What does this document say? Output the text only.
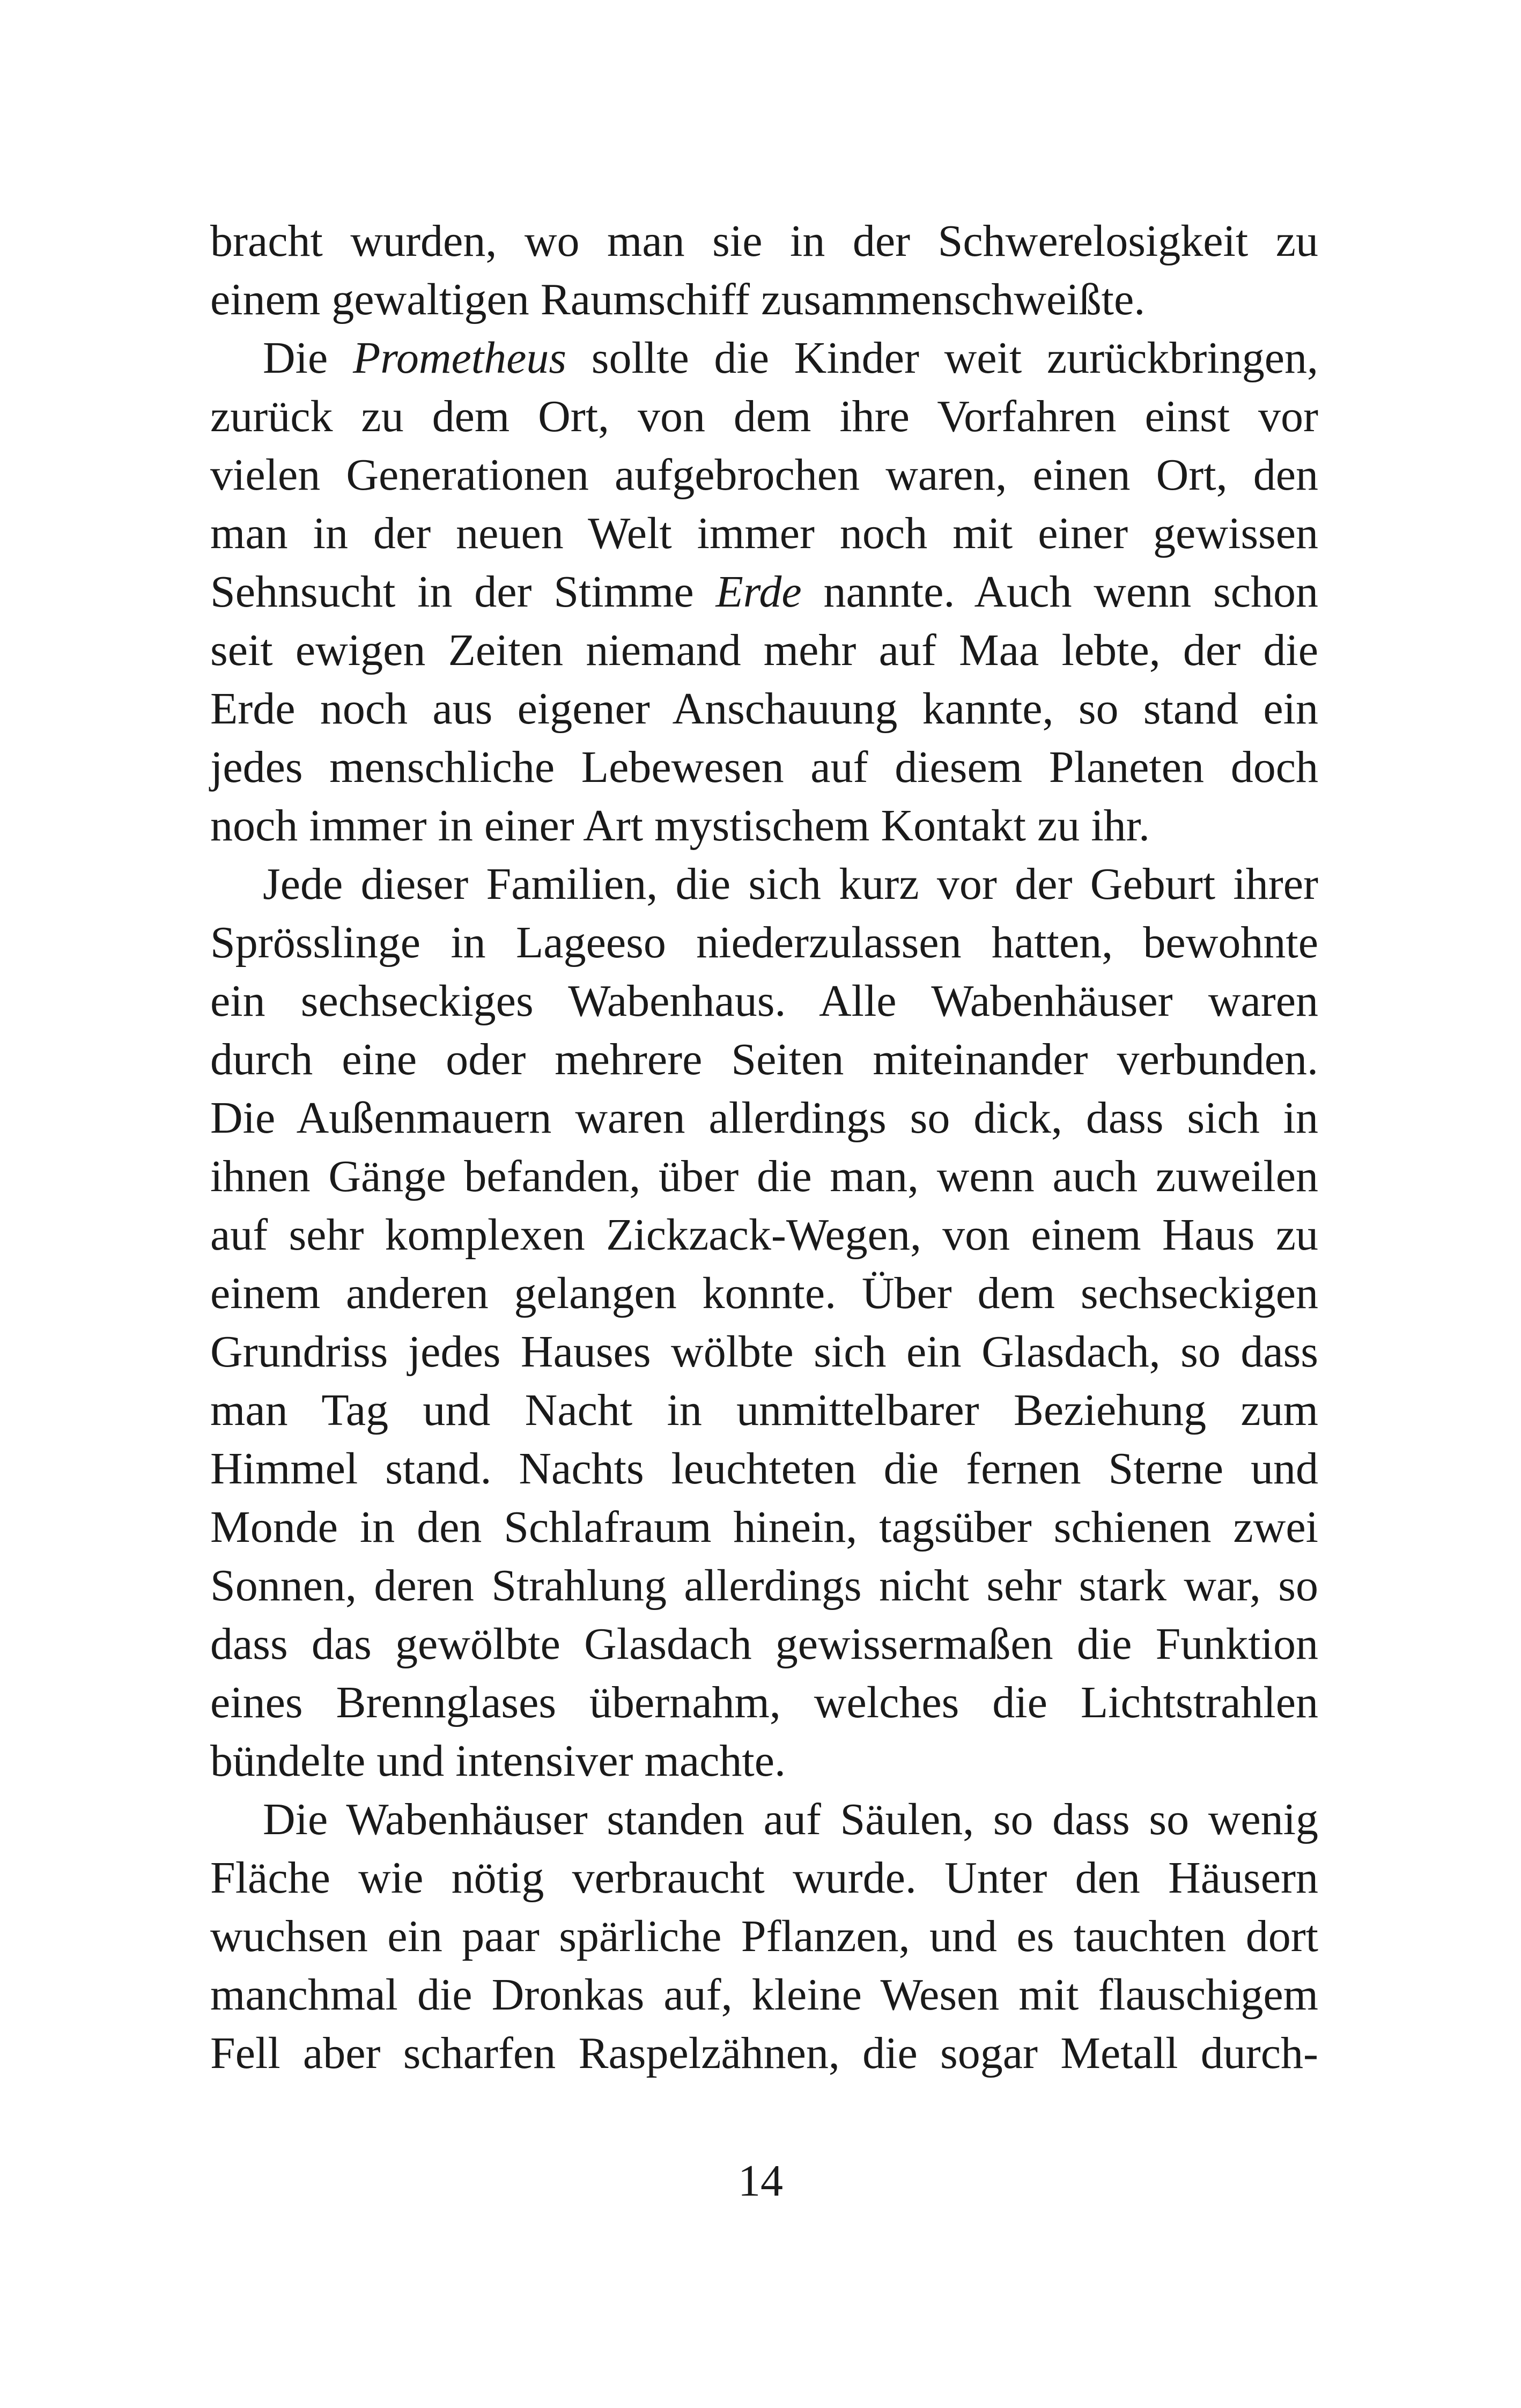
bracht wurden, wo man sie in der Schwerelosigkeit zu
einem gewaltigen Raumschiff zusammenschweißte.
Die Prometheus sollte die Kinder weit zurückbringen,
zurück zu dem Ort, von dem ihre Vorfahren einst vor
vielen Generationen aufgebrochen waren, einen Ort, den
man in der neuen Welt immer noch mit einer gewissen
Sehnsucht in der Stimme Erde nannte. Auch wenn schon
seit ewigen Zeiten niemand mehr auf Maa lebte, der die
Erde noch aus eigener Anschauung kannte, so stand ein
jedes menschliche Lebewesen auf diesem Planeten doch
noch immer in einer Art mystischem Kontakt zu ihr.
Jede dieser Familien, die sich kurz vor der Geburt ihrer
Sprösslinge in Lageeso niederzulassen hatten, bewohnte
ein sechseckiges Wabenhaus. Alle Wabenhäuser waren
durch eine oder mehrere Seiten miteinander verbunden.
Die Außenmauern waren allerdings so dick, dass sich in
ihnen Gänge befanden, über die man, wenn auch zuweilen
auf sehr komplexen Zickzack-Wegen, von einem Haus zu
einem anderen gelangen konnte. Über dem sechseckigen
Grundriss jedes Hauses wölbte sich ein Glasdach, so dass
man Tag und Nacht in unmittelbarer Beziehung zum
Himmel stand. Nachts leuchteten die fernen Sterne und
Monde in den Schlafraum hinein, tagsüber schienen zwei
Sonnen, deren Strahlung allerdings nicht sehr stark war, so
dass das gewölbte Glasdach gewissermaßen die Funktion
eines Brennglases übernahm, welches die Lichtstrahlen
bündelte und intensiver machte.
Die Wabenhäuser standen auf Säulen, so dass so wenig
Fläche wie nötig verbraucht wurde. Unter den Häusern
wuchsen ein paar spärliche Pflanzen, und es tauchten dort
manchmal die Dronkas auf, kleine Wesen mit flauschigem
Fell aber scharfen Raspelzähnen, die sogar Metall durch-
14
